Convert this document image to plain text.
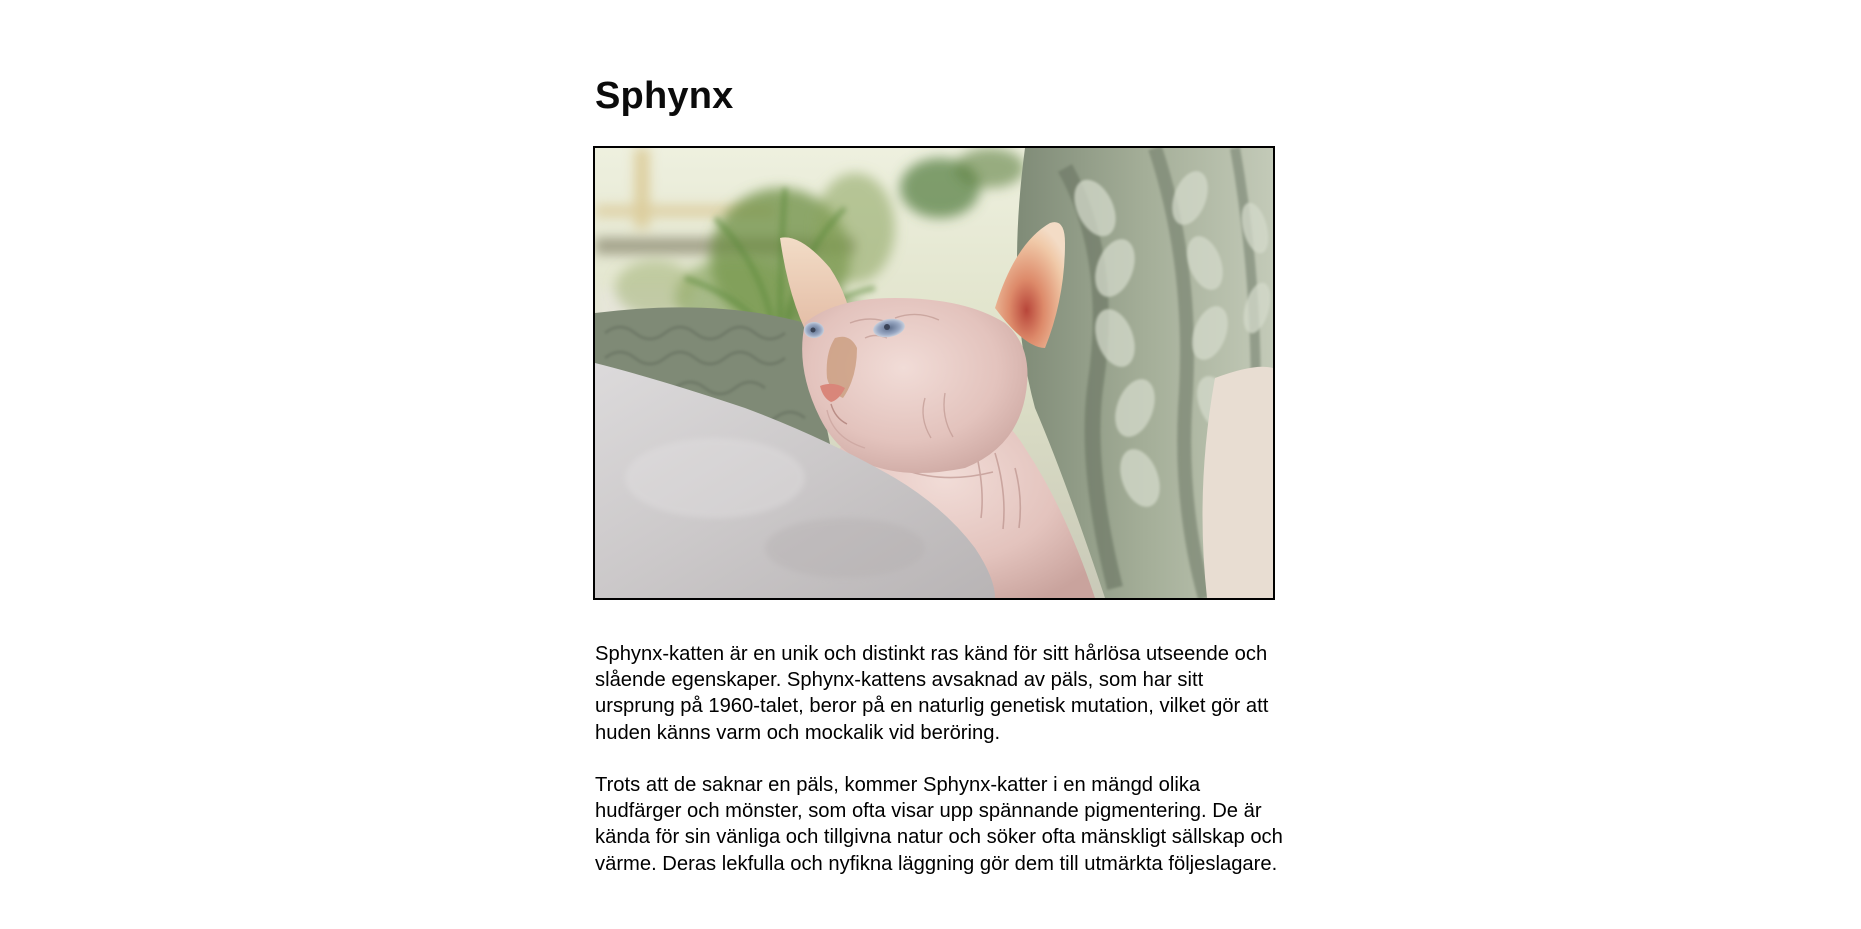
Sphynx

Sphynx-katten är en unik och distinkt ras känd för sitt hårlösa utseende och slående egenskaper. Sphynx-kattens avsaknad av päls, som har sitt ursprung på 1960-talet, beror på en naturlig genetisk mutation, vilket gör att huden känns varm och mockalik vid beröring.

Trots att de saknar en päls, kommer Sphynx-katter i en mängd olika hudfärger och mönster, som ofta visar upp spännande pigmentering. De är kända för sin vänliga och tillgivna natur och söker ofta mänskligt sällskap och värme. Deras lekfulla och nyfikna läggning gör dem till utmärkta följeslagare.
